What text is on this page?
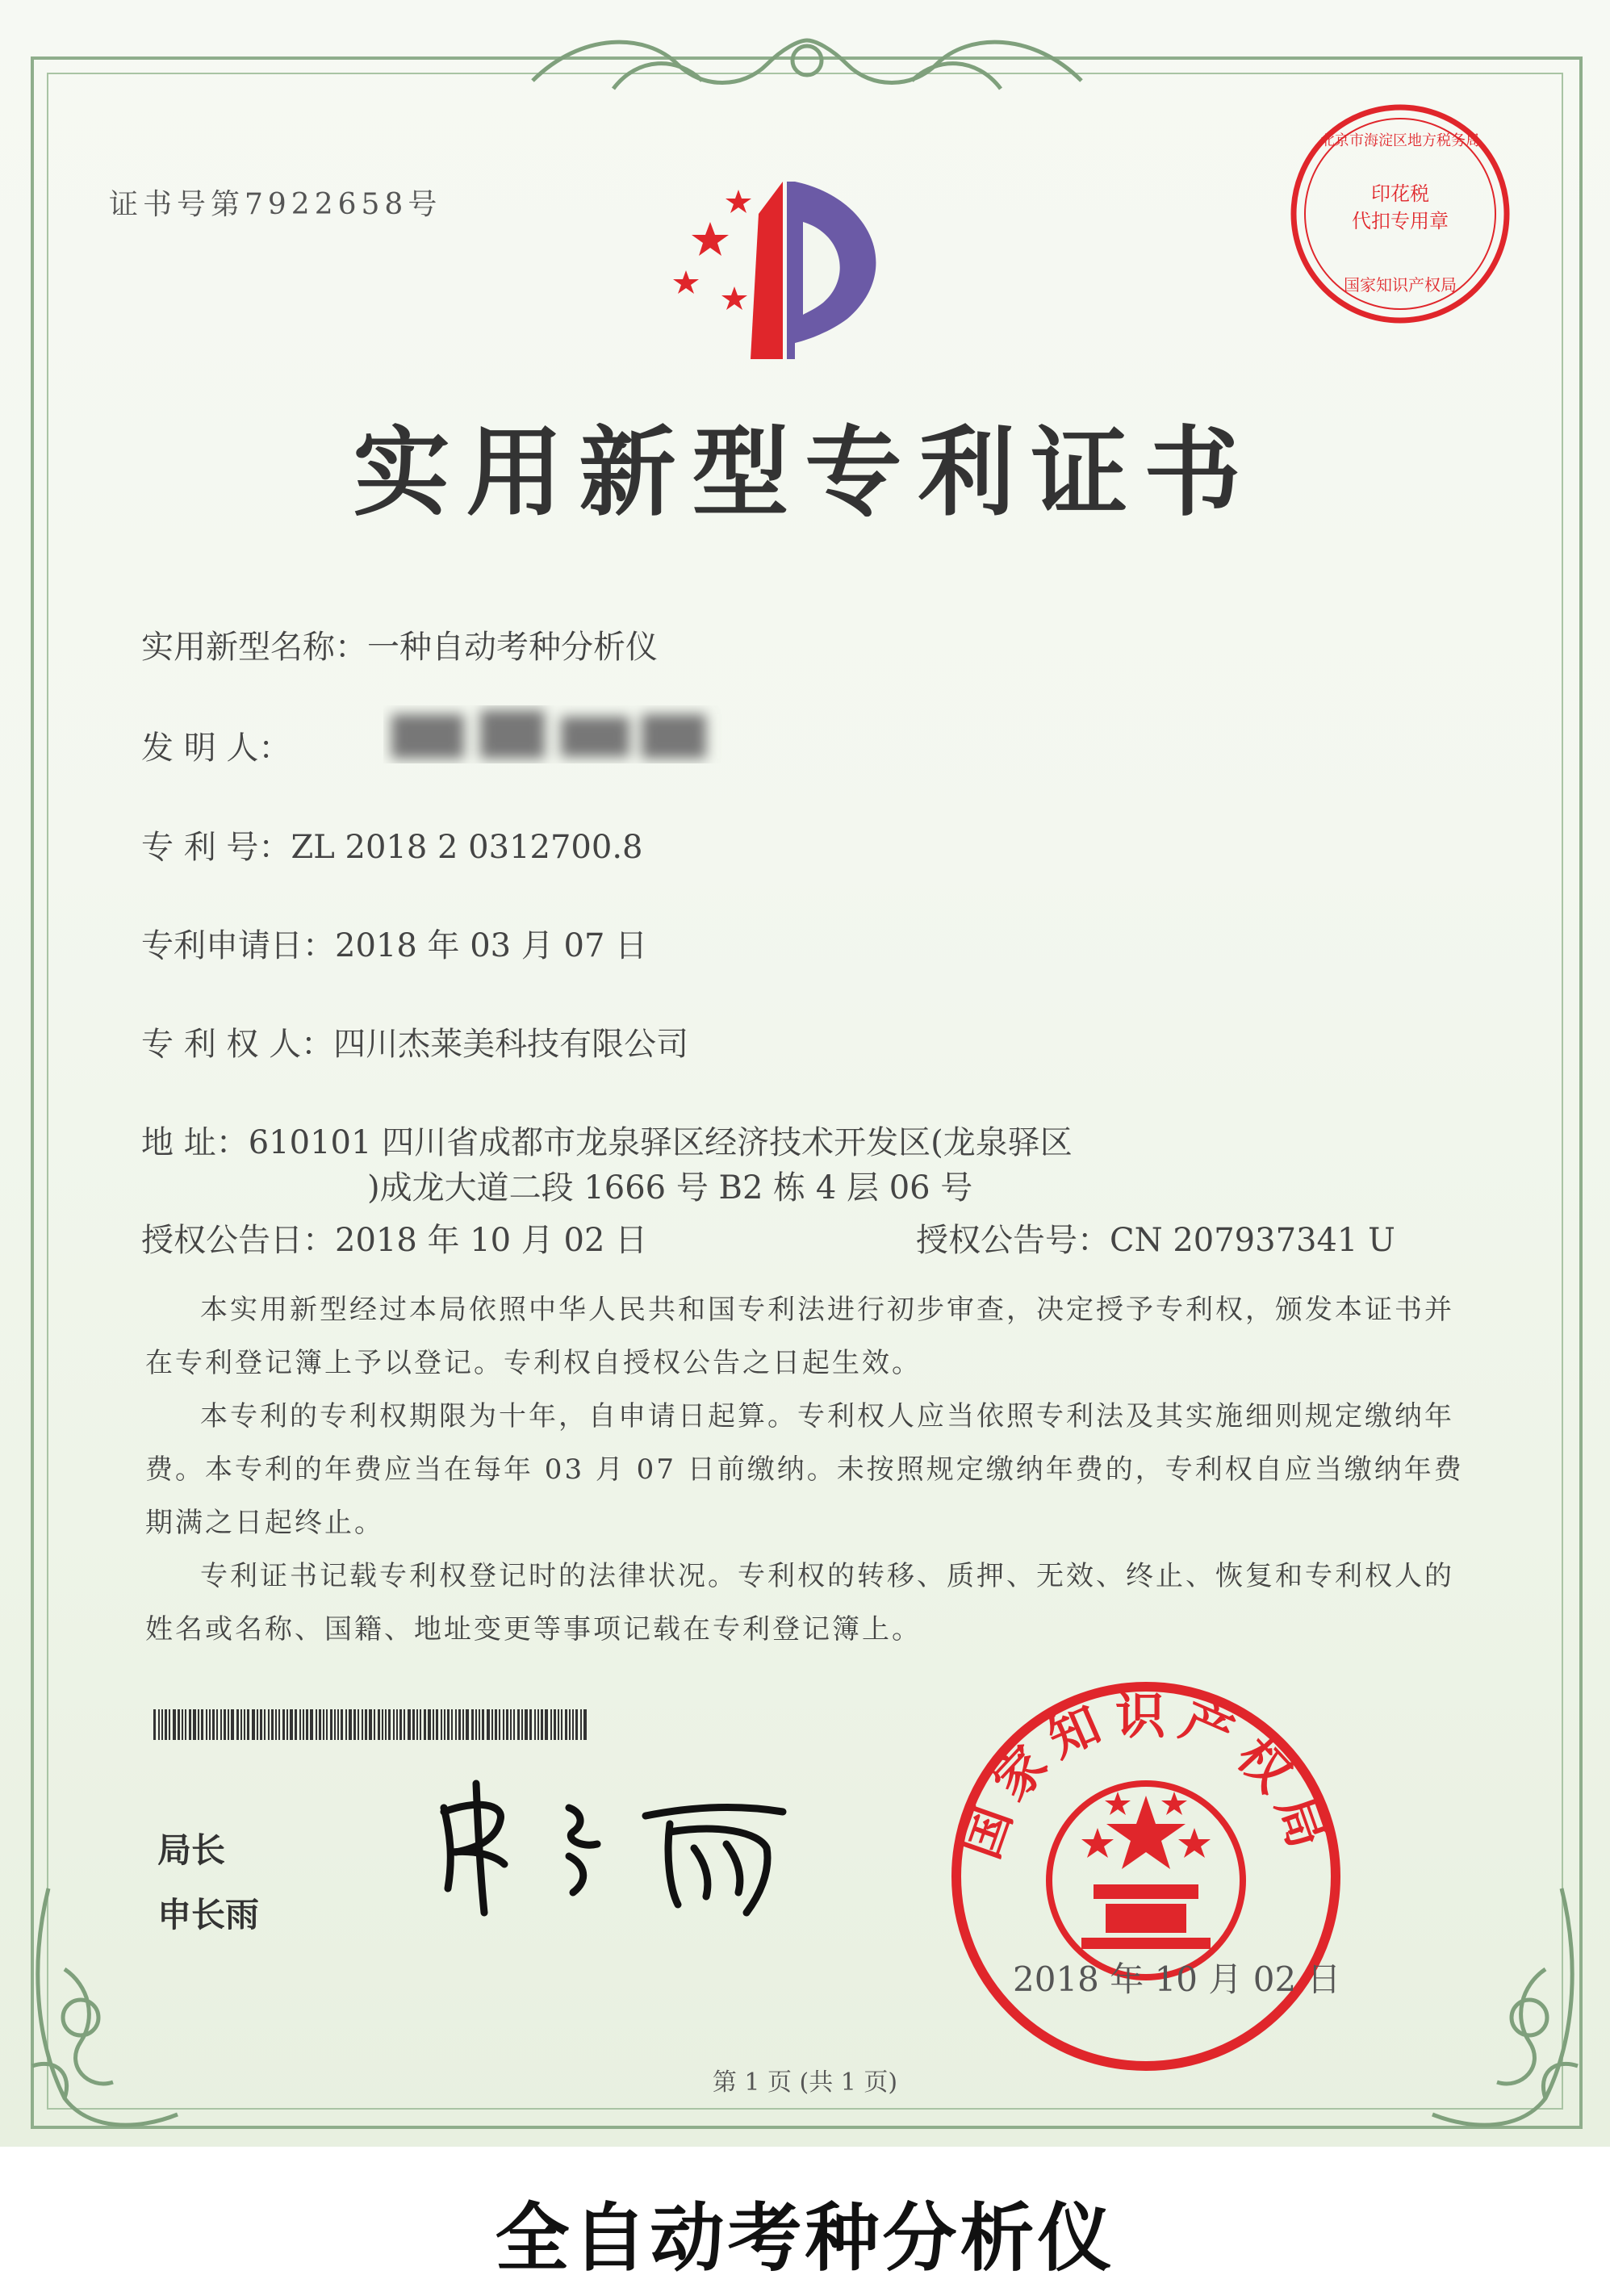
证书号第7922658号	印花税
代扣专用章
北京市海淀区地方税务局
国家知识产权局
实用新型专利证书
实用新型名称：一种自动考种分析仪
发 明 人：
专 利 号：ZL 2018 2 0312700.8
专利申请日：2018 年 03 月 07 日
专 利 权 人：四川杰莱美科技有限公司
地 址：610101 四川省成都市龙泉驿区经济技术开发区(龙泉驿区
)成龙大道二段 1666 号 B2 栋 4 层 06 号
授权公告日：2018 年 10 月 02 日	授权公告号：CN 207937341 U

本实用新型经过本局依照中华人民共和国专利法进行初步审查，决定授予专利权，颁发本证书并在专利登记簿上予以登记。专利权自授权公告之日起生效。

本专利的专利权期限为十年，自申请日起算。专利权人应当依照专利法及其实施细则规定缴纳年费。本专利的年费应当在每年 03 月 07 日前缴纳。未按照规定缴纳年费的，专利权自应当缴纳年费期满之日起终止。

专利证书记载专利权登记时的法律状况。专利权的转移、质押、无效、终止、恢复和专利权人的姓名或名称、国籍、地址变更等事项记载在专利登记簿上。

局长
申长雨
国家知识产权局
2018 年 10 月 02 日
第 1 页 (共 1 页)
全自动考种分析仪
